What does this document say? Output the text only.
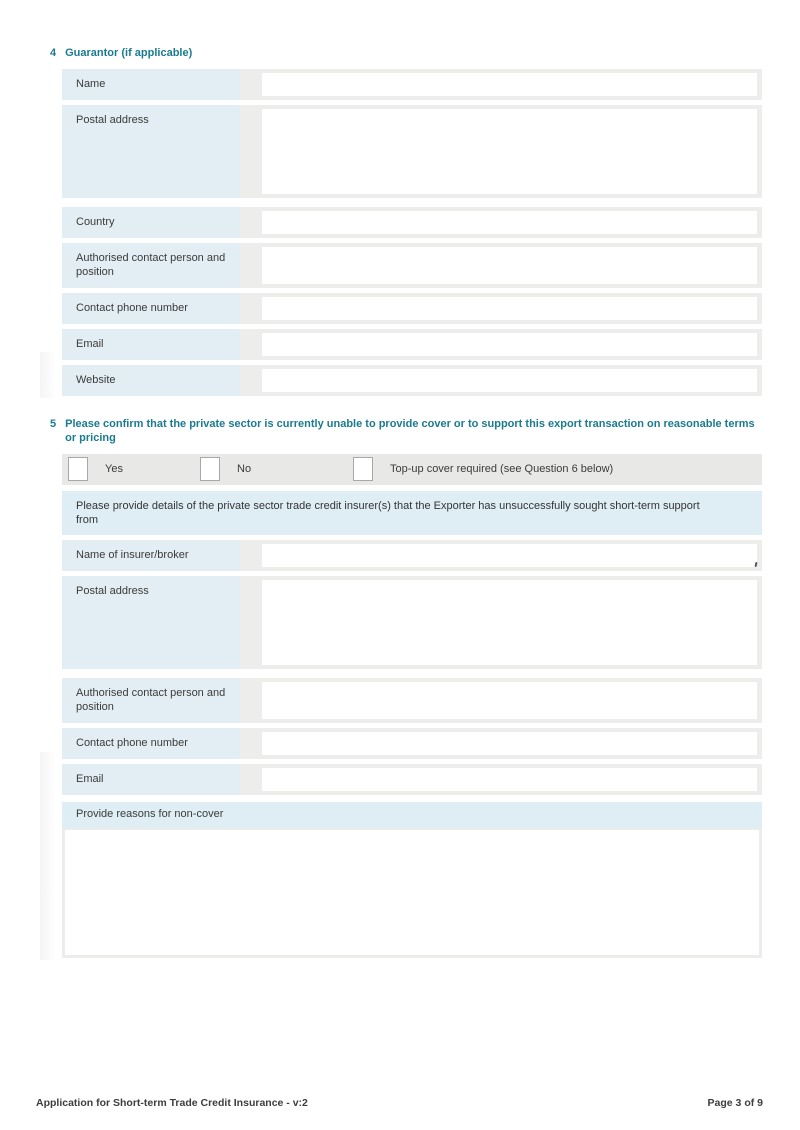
4 Guarantor (if applicable)
Name
Postal address
Country
Authorised contact person and position
Contact phone number
Email
Website
5 Please confirm that the private sector is currently unable to provide cover or to support this export transaction on reasonable terms or pricing
Yes	No	Top-up cover required (see Question 6 below)
Please provide details of the private sector trade credit insurer(s) that the Exporter has unsuccessfully sought short-term support from
Name of insurer/broker
Postal address
Authorised contact person and position
Contact phone number
Email
Provide reasons for non-cover
Application for Short-term Trade Credit Insurance - v:2	Page 3 of 9
